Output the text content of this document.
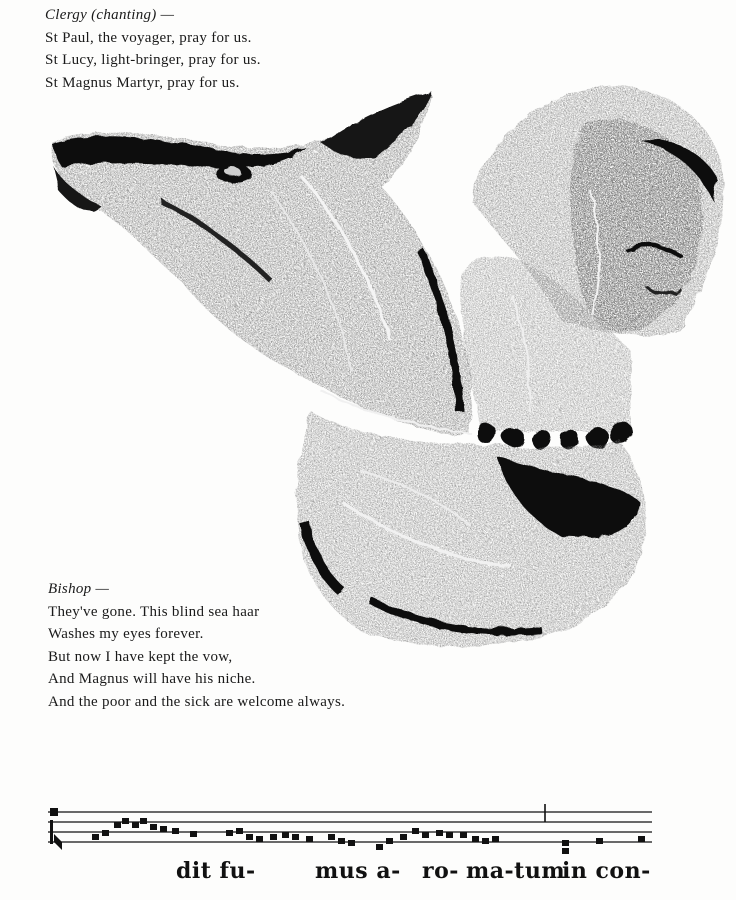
Clergy (chanting) —
St Paul, the voyager, pray for us.
St Lucy, light-bringer, pray for us.
St Magnus Martyr, pray for us.
Bishop —
They've gone. This blind sea haar
Washes my eyes forever.
But now I have kept the vow,
And Magnus will have his niche.
And the poor and the sick are welcome always.
dit fu-	mus a- ro- ma-tum
in con-
